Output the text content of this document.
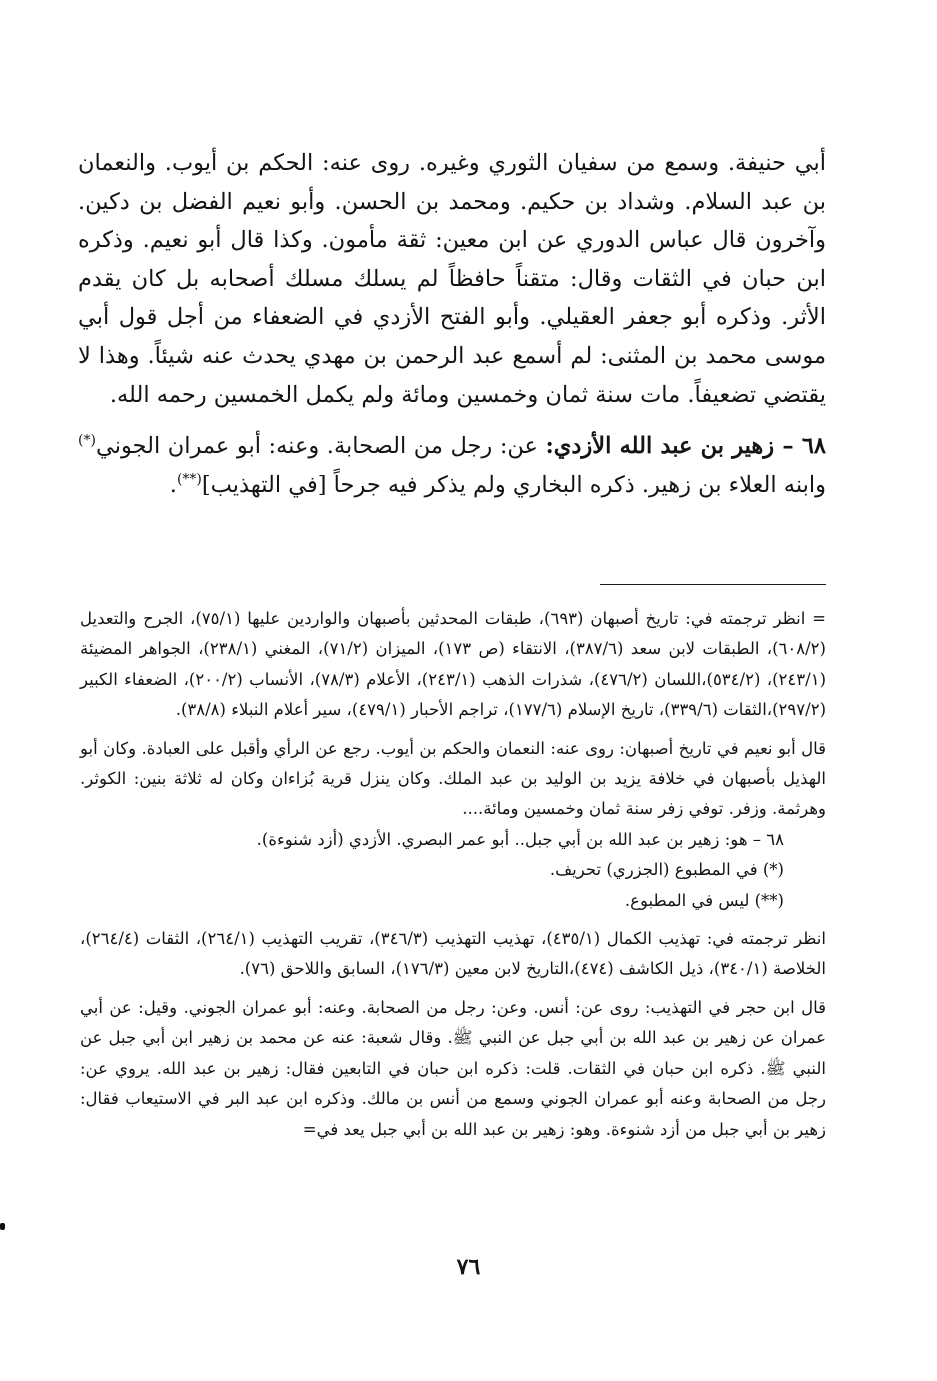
أبي حنيفة. وسمع من سفيان الثوري وغيره. روى عنه: الحكم بن أيوب. والنعمان بن عبد السلام. وشداد بن حكيم. ومحمد بن الحسن. وأبو نعيم الفضل بن دكين. وآخرون قال عباس الدوري عن ابن معين: ثقة مأمون. وكذا قال أبو نعيم. وذكره ابن حبان في الثقات وقال: متقناً حافظاً لم يسلك مسلك أصحابه بل كان يقدم الأثر. وذكره أبو جعفر العقيلي. وأبو الفتح الأزدي في الضعفاء من أجل قول أبي موسى محمد بن المثنى: لم أسمع عبد الرحمن بن مهدي يحدث عنه شيئاً. وهذا لا يقتضي تضعيفاً. مات سنة ثمان وخمسين ومائة ولم يكمل الخمسين رحمه الله.

٦٨ – زهير بن عبد الله الأزدي: عن: رجل من الصحابة. وعنه: أبو عمران الجوني(*) وابنه العلاء بن زهير. ذكره البخاري ولم يذكر فيه جرحاً [في التهذيب](**).

= انظر ترجمته في: تاريخ أصبهان (٦٩٣)، طبقات المحدثين بأصبهان والواردين عليها (٧٥/١)، الجرح والتعديل (٦٠٨/٢)، الطبقات لابن سعد (٣٨٧/٦)، الانتقاء (ص ١٧٣)، الميزان (٧١/٢)، المغني (٢٣٨/١)، الجواهر المضيئة (٢٤٣/١)، (٥٣٤/٢)،اللسان (٤٧٦/٢)، شذرات الذهب (٢٤٣/١)، الأعلام (٧٨/٣)، الأنساب (٢٠٠/٢)، الضعفاء الكبير (٢٩٧/٢)،الثقات (٣٣٩/٦)، تاريخ الإسلام (١٧٧/٦)، تراجم الأحبار (٤٧٩/١)، سير أعلام النبلاء (٣٨/٨).

قال أبو نعيم في تاريخ أصبهان: روى عنه: النعمان والحكم بن أيوب. رجع عن الرأي وأقبل على العبادة. وكان أبو الهذيل بأصبهان في خلافة يزيد بن الوليد بن عبد الملك. وكان ينزل قرية بُزاءان وكان له ثلاثة بنين: الكوثر. وهرثمة. وزفر. توفي زفر سنة ثمان وخمسين ومائة....

٦٨ – هو: زهير بن عبد الله بن أبي جبل.. أبو عمر البصري. الأزدي (أزد شنوءة).

(*) في المطبوع (الجزري) تحريف.

(**) ليس في المطبوع.

انظر ترجمته في: تهذيب الكمال (٤٣٥/١)، تهذيب التهذيب (٣٤٦/٣)، تقريب التهذيب (٢٦٤/١)، الثقات (٢٦٤/٤)، الخلاصة (٣٤٠/١)، ذيل الكاشف (٤٧٤)،التاريخ لابن معين (١٧٦/٣)، السابق واللاحق (٧٦).

قال ابن حجر في التهذيب: روى عن: أنس. وعن: رجل من الصحابة. وعنه: أبو عمران الجوني. وقيل: عن أبي عمران عن زهير بن عبد الله بن أبي جبل عن النبي ﷺ. وقال شعبة: عنه عن محمد بن زهير ابن أبي جبل عن النبي ﷺ. ذكره ابن حبان في الثقات. قلت: ذكره ابن حبان في التابعين فقال: زهير بن عبد الله. يروي عن: رجل من الصحابة وعنه أبو عمران الجوني وسمع من أنس بن مالك. وذكره ابن عبد البر في الاستيعاب فقال: زهير بن أبي جبل من أزد شنوءة. وهو: زهير بن عبد الله بن أبي جبل يعد في=

٧٦
